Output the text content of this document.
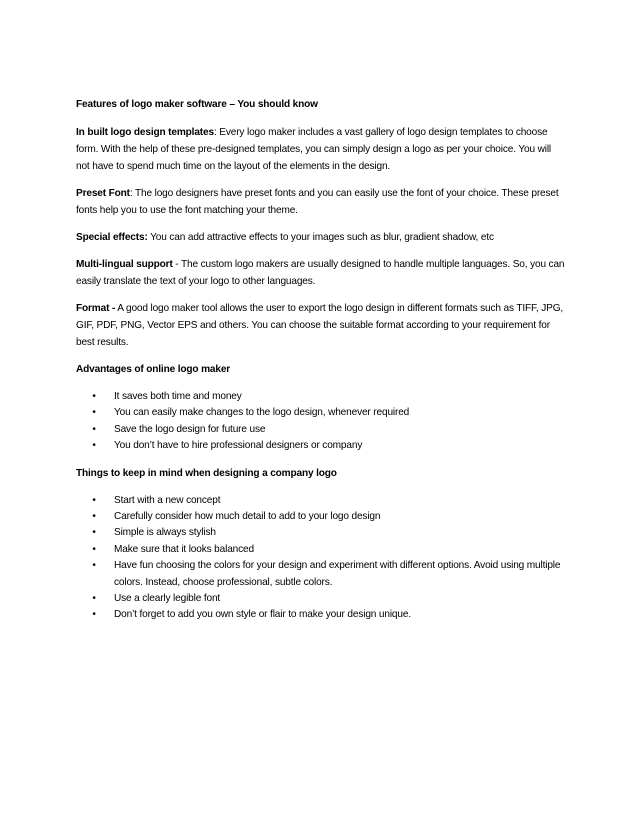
Features of logo maker software – You should know

In built logo design templates: Every logo maker includes a vast gallery of logo design templates to choose form. With the help of these pre-designed templates, you can simply design a logo as per your choice. You will not have to spend much time on the layout of the elements in the design.

Preset Font: The logo designers have preset fonts and you can easily use the font of your choice. These preset fonts help you to use the font matching your theme.

Special effects: You can add attractive effects to your images such as blur, gradient shadow, etc

Multi-lingual support - The custom logo makers are usually designed to handle multiple languages. So, you can easily translate the text of your logo to other languages.

Format - A good logo maker tool allows the user to export the logo design in different formats such as TIFF, JPG, GIF, PDF, PNG, Vector EPS and others. You can choose the suitable format according to your requirement for best results.

Advantages of online logo maker

•	It saves both time and money
•	You can easily make changes to the logo design, whenever required
•	Save the logo design for future use
•	You don’t have to hire professional designers or company

Things to keep in mind when designing a company logo

•	Start with a new concept
•	Carefully consider how much detail to add to your logo design
•	Simple is always stylish
•	Make sure that it looks balanced
•	Have fun choosing the colors for your design and experiment with different options. Avoid using multiple colors. Instead, choose professional, subtle colors.
•	Use a clearly legible font
•	Don’t forget to add you own style or flair to make your design unique.
